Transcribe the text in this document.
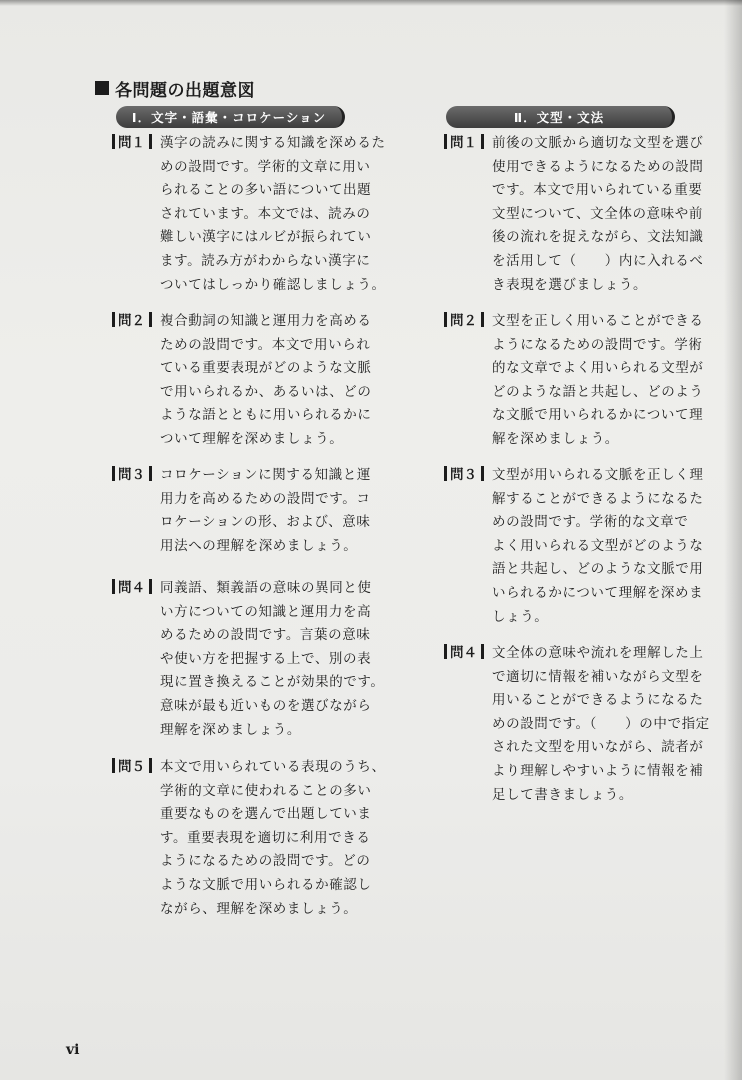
各問題の出題意図
Ⅰ．文字・語彙・コロケーション	Ⅱ．文型・文法
問１	漢字の読みに関する知識を深めるた
めの設問です。学術的文章に用い
られることの多い語について出題
されています。本文では、読みの
難しい漢字にはルビが振られてい
ます。読み方がわからない漢字に
ついてはしっかり確認しましょう。
問２	複合動詞の知識と運用力を高める
ための設問です。本文で用いられ
ている重要表現がどのような文脈
で用いられるか、あるいは、どの
ような語とともに用いられるかに
ついて理解を深めましょう。
問３	コロケーションに関する知識と運
用力を高めるための設問です。コ
ロケーションの形、および、意味
用法への理解を深めましょう。
問４	同義語、類義語の意味の異同と使
い方についての知識と運用力を高
めるための設問です。言葉の意味
や使い方を把握する上で、別の表
現に置き換えることが効果的です。
意味が最も近いものを選びながら
理解を深めましょう。
問５	本文で用いられている表現のうち、
学術的文章に使われることの多い
重要なものを選んで出題していま
す。重要表現を適切に利用できる
ようになるための設問です。どの
ような文脈で用いられるか確認し
ながら、理解を深めましょう。
問１	前後の文脈から適切な文型を選び
使用できるようになるための設問
です。本文で用いられている重要
文型について、文全体の意味や前
後の流れを捉えながら、文法知識
を活用して（　　）内に入れるべ
き表現を選びましょう。
問２	文型を正しく用いることができる
ようになるための設問です。学術
的な文章でよく用いられる文型が
どのような語と共起し、どのよう
な文脈で用いられるかについて理
解を深めましょう。
問３	文型が用いられる文脈を正しく理
解することができるようになるた
めの設問です。学術的な文章で
よく用いられる文型がどのような
語と共起し、どのような文脈で用
いられるかについて理解を深めま
しょう。
問４	文全体の意味や流れを理解した上
で適切に情報を補いながら文型を
用いることができるようになるた
めの設問です。（　　）の中で指定
された文型を用いながら、読者が
より理解しやすいように情報を補
足して書きましょう。
vi
